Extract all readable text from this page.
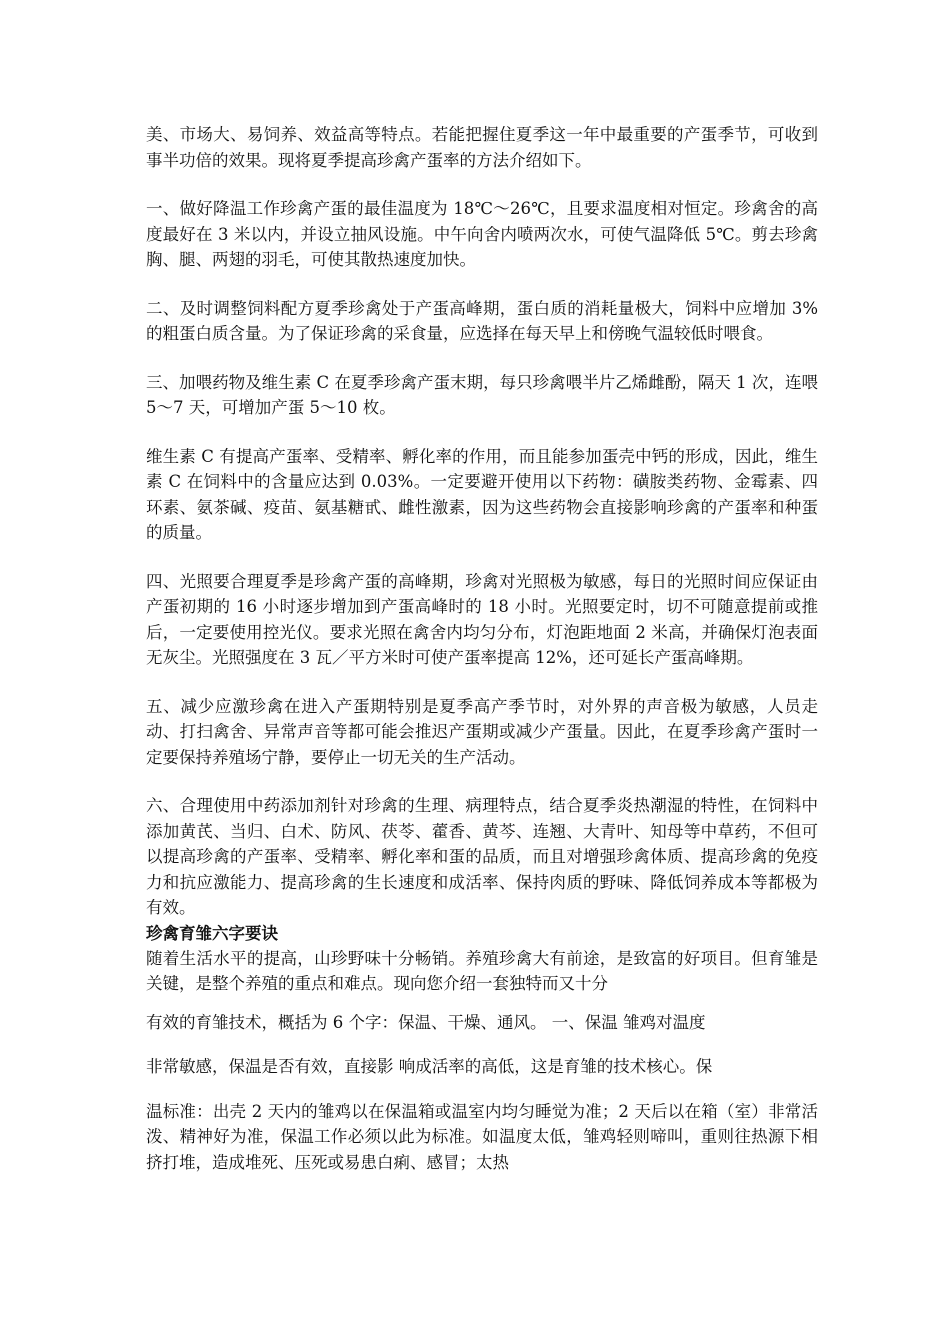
美、市场大、易饲养、效益高等特点。若能把握住夏季这一年中最重要的产蛋季节，可收到事半功倍的效果。现将夏季提高珍禽产蛋率的方法介绍如下。

一、做好降温工作珍禽产蛋的最佳温度为 18℃～26℃，且要求温度相对恒定。珍禽舍的高度最好在 3 米以内，并设立抽风设施。中午向舍内喷两次水，可使气温降低 5℃。剪去珍禽胸、腿、两翅的羽毛，可使其散热速度加快。

二、及时调整饲料配方夏季珍禽处于产蛋高峰期，蛋白质的消耗量极大，饲料中应增加 3%的粗蛋白质含量。为了保证珍禽的采食量，应选择在每天早上和傍晚气温较低时喂食。

三、加喂药物及维生素 C 在夏季珍禽产蛋末期，每只珍禽喂半片乙烯雌酚，隔天 1 次，连喂 5～7 天，可增加产蛋 5～10 枚。

维生素 C 有提高产蛋率、受精率、孵化率的作用，而且能参加蛋壳中钙的形成，因此，维生素 C 在饲料中的含量应达到 0.03%。一定要避开使用以下药物：磺胺类药物、金霉素、四环素、氨茶碱、疫苗、氨基糖甙、雌性激素，因为这些药物会直接影响珍禽的产蛋率和种蛋的质量。

四、光照要合理夏季是珍禽产蛋的高峰期，珍禽对光照极为敏感，每日的光照时间应保证由产蛋初期的 16 小时逐步增加到产蛋高峰时的 18 小时。光照要定时，切不可随意提前或推后，一定要使用控光仪。要求光照在禽舍内均匀分布，灯泡距地面 2 米高，并确保灯泡表面无灰尘。光照强度在 3 瓦／平方米时可使产蛋率提高 12%，还可延长产蛋高峰期。

五、减少应激珍禽在进入产蛋期特别是夏季高产季节时，对外界的声音极为敏感，人员走动、打扫禽舍、异常声音等都可能会推迟产蛋期或减少产蛋量。因此，在夏季珍禽产蛋时一定要保持养殖场宁静，要停止一切无关的生产活动。

六、合理使用中药添加剂针对珍禽的生理、病理特点，结合夏季炎热潮湿的特性，在饲料中添加黄芪、当归、白术、防风、茯苓、藿香、黄芩、连翘、大青叶、知母等中草药，不但可以提高珍禽的产蛋率、受精率、孵化率和蛋的品质，而且对增强珍禽体质、提高珍禽的免疫力和抗应激能力、提高珍禽的生长速度和成活率、保持肉质的野味、降低饲养成本等都极为有效。

珍禽育雏六字要诀

随着生活水平的提高，山珍野味十分畅销。养殖珍禽大有前途，是致富的好项目。但育雏是关键，是整个养殖的重点和难点。现向您介绍一套独特而又十分

有效的育雏技术，概括为 6 个字：保温、干燥、通风。 一、保温 雏鸡对温度
非常敏感，保温是否有效，直接影 响成活率的高低，这是育雏的技术核心。保

温标准：出壳 2 天内的雏鸡以在保温箱或温室内均匀睡觉为准；2 天后以在箱（室）非常活泼、精神好为准，保温工作必须以此为标准。如温度太低，雏鸡轻则啼叫，重则往热源下相挤打堆，造成堆死、压死或易患白痢、感冒；太热
